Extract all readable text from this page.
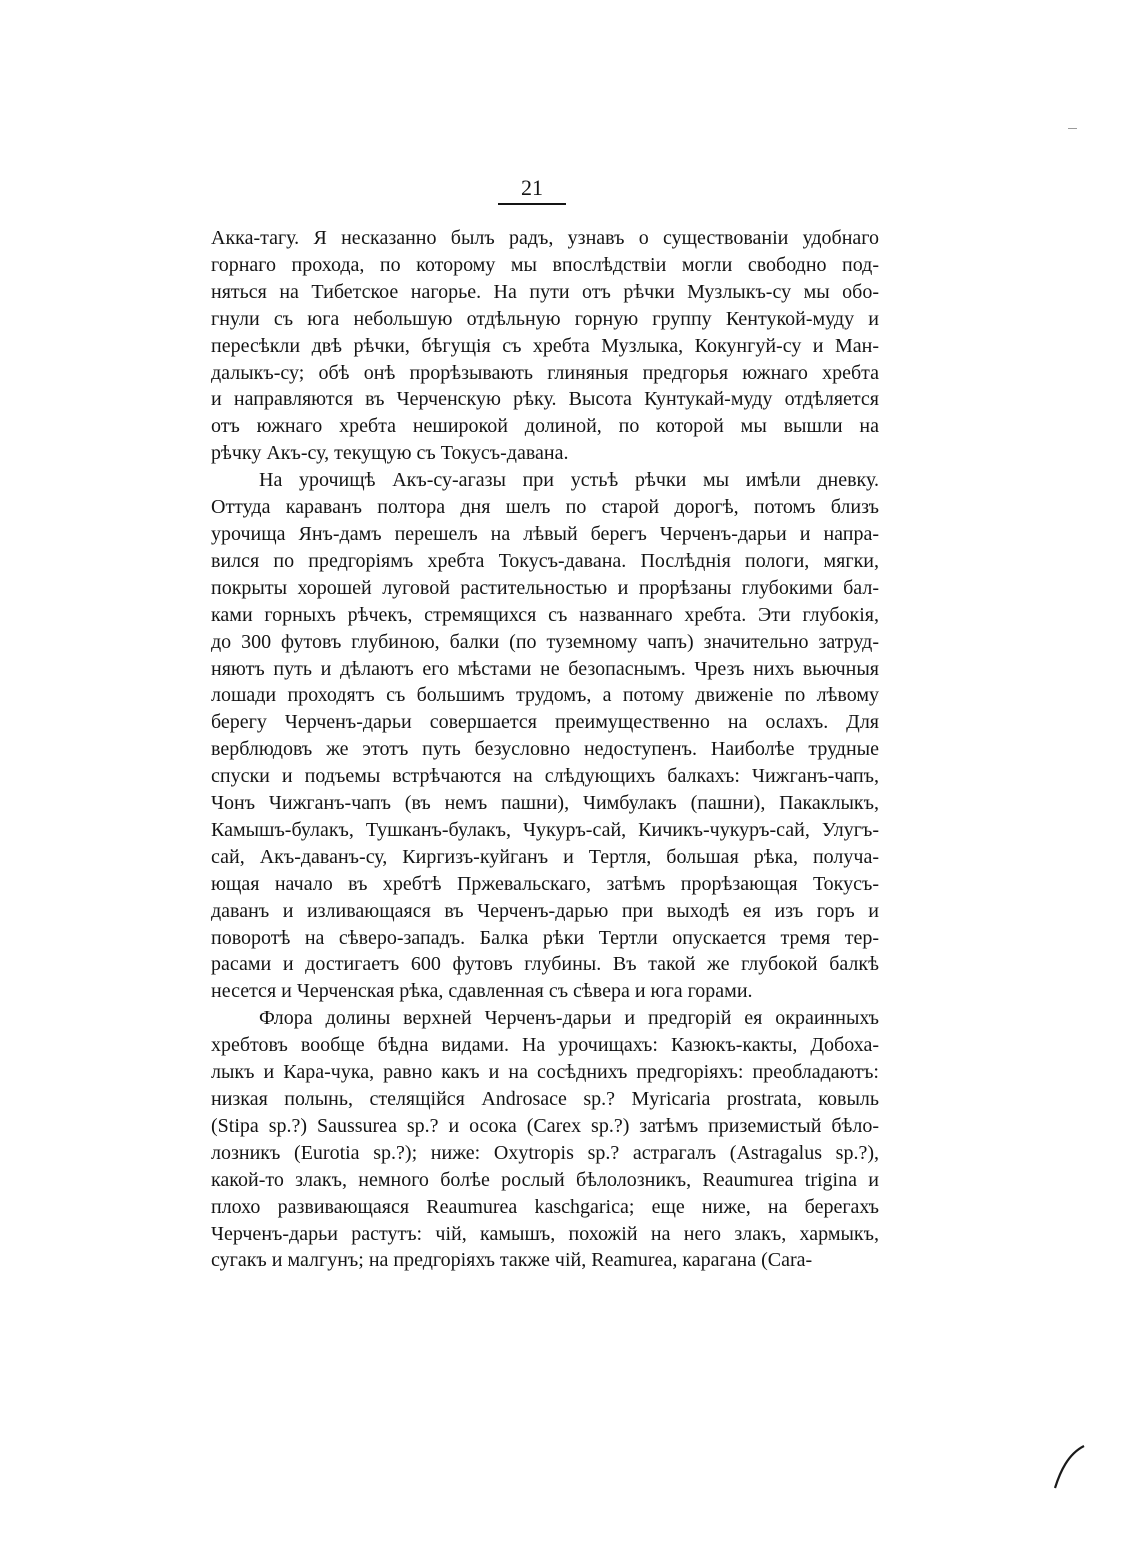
21
Акка-тагу. Я несказанно былъ радъ, узнавъ о существованіи удобнаго
горнаго прохода, по которому мы впослѣдствіи могли свободно под-
няться на Тибетское нагорье. На пути отъ рѣчки Музлыкъ-су мы обо-
гнули съ юга небольшую отдѣльную горную группу Кентукой-муду и
пересѣкли двѣ рѣчки, бѣгущія съ хребта Музлыка, Кокунгуй-су и Ман-
далыкъ-су; обѣ онѣ прорѣзывають глиняныя предгорья южнаго хребта
и направляются въ Черченскую рѣку. Высота Кунтукай-муду отдѣляется
отъ южнаго хребта неширокой долиной, по которой мы вышли на
рѣчку Акъ-су, текущую съ Токусъ-давана.
На урочищѣ Акъ-су-агазы при устьѣ рѣчки мы имѣли дневку.
Оттуда караванъ полтора дня шелъ по старой дорогѣ, потомъ близъ
урочища Янъ-дамъ перешелъ на лѣвый берегъ Черченъ-дарьи и напра-
вился по предгоріямъ хребта Токусъ-давана. Послѣднія пологи, мягки,
покрыты хорошей луговой растительностью и прорѣзаны глубокими бал-
ками горныхъ рѣчекъ, стремящихся съ названнаго хребта. Эти глубокія,
до 300 футовъ глубиною, балки (по туземному чапъ) значительно затруд-
няютъ путь и дѣлаютъ его мѣстами не безопаснымъ. Чрезъ нихъ вьючныя
лошади проходятъ съ большимъ трудомъ, а потому движеніе по лѣвому
берегу Черченъ-дарьи совершается преимущественно на ослахъ. Для
верблюдовъ же этотъ путь безусловно недоступенъ. Наиболѣе трудные
спуски и подъемы встрѣчаются на слѣдующихъ балкахъ: Чижганъ-чапъ,
Чонъ Чижганъ-чапъ (въ немъ пашни), Чимбулакъ (пашни), Пакаклыкъ,
Камышъ-булакъ, Тушканъ-булакъ, Чукуръ-сай, Кичикъ-чукуръ-сай, Улугъ-
сай, Акъ-даванъ-су, Киргизъ-куйганъ и Тертля, большая рѣка, получа-
ющая начало въ хребтѣ Пржевальскаго, затѣмъ прорѣзающая Токусъ-
даванъ и изливающаяся въ Черченъ-дарью при выходѣ ея изъ горъ и
поворотѣ на сѣверо-западъ. Балка рѣки Тертли опускается тремя тер-
расами и достигаетъ 600 футовъ глубины. Въ такой же глубокой балкѣ
несется и Черченская рѣка, сдавленная съ сѣвера и юга горами.
Флора долины верхней Черченъ-дарьи и предгорій ея окраинныхъ
хребтовъ вообще бѣдна видами. На урочищахъ: Казюкъ-какты, Добоха-
лыкъ и Кара-чука, равно какъ и на сосѣднихъ предгоріяхъ: преобладаютъ:
низкая полынь, стелящійся Androsace sp.? Myricaria prostrata, ковыль
(Stipa sp.?) Saussurea sp.? и осока (Carex sp.?) затѣмъ приземистый бѣло-
лозникъ (Eurotia sp.?); ниже: Oxytropis sp.? астрагалъ (Astragalus sp.?),
какой-то злакъ, немного болѣе рослый бѣлолозникъ, Reaumurea trigina и
плохо развивающаяся Reaumurea kaschgarica; еще ниже, на берегахъ
Черченъ-дарьи растутъ: чій, камышъ, похожій на него злакъ, хармыкъ,
сугакъ и малгунъ; на предгоріяхъ также чій, Reamurea, карагана (Cara-
